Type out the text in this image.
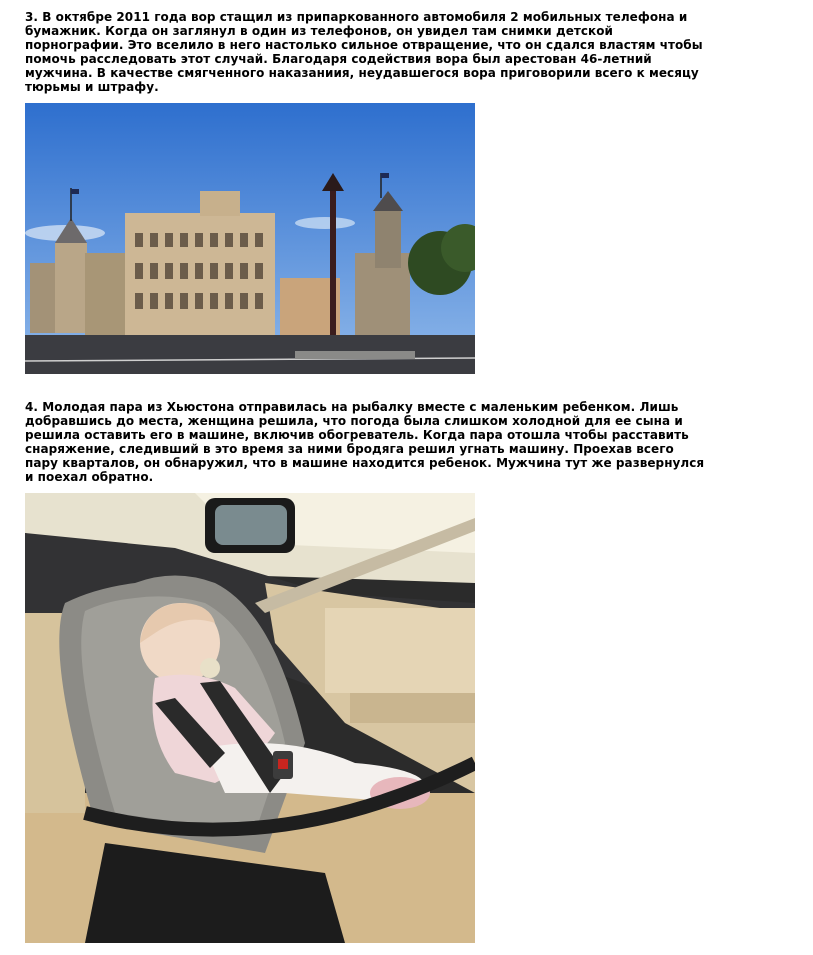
3. В октябре 2011 года вор стащил из припаркованного автомобиля 2 мобильных телефона и бумажник. Когда он заглянул в один из телефонов, он увидел там снимки детской порнографии. Это вселило в него настолько сильное отвращение, что он сдался властям чтобы помочь расследовать этот случай. Благодаря содействия вора был арестован 46-летний мужчина. В качестве смягченного наказаниия, неудавшегося вора приговорили всего к месяцу тюрьмы и штрафу.
4. Молодая пара из Хьюстона отправилась на рыбалку вместе с маленьким ребенком. Лишь добравшись до места, женщина решила, что погода была слишком холодной для ее сына и решила оставить его в машине, включив обогреватель. Когда пара отошла чтобы расставить снаряжение, следивший в это время за ними бродяга решил угнать машину. Проехав всего пару кварталов, он обнаружил, что в машине находится ребенок. Мужчина тут же развернулся и поехал обратно.
